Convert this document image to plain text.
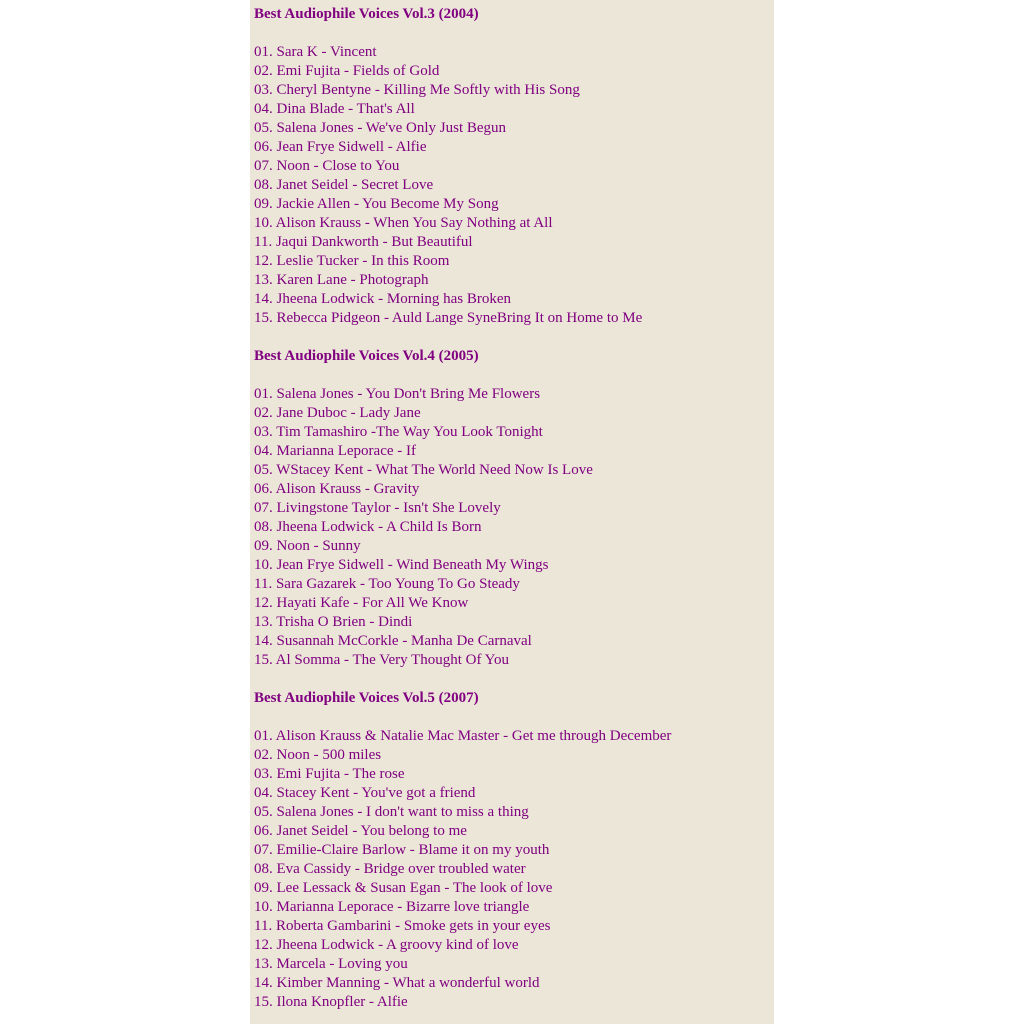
Best Audiophile Voices Vol.3 (2004)
01. Sara K - Vincent
02. Emi Fujita - Fields of Gold
03. Cheryl Bentyne - Killing Me Softly with His Song
04. Dina Blade - That's All
05. Salena Jones - We've Only Just Begun
06. Jean Frye Sidwell - Alfie
07. Noon - Close to You
08. Janet Seidel - Secret Love
09. Jackie Allen - You Become My Song
10. Alison Krauss - When You Say Nothing at All
11. Jaqui Dankworth - But Beautiful
12. Leslie Tucker - In this Room
13. Karen Lane - Photograph
14. Jheena Lodwick - Morning has Broken
15. Rebecca Pidgeon - Auld Lange SyneBring It on Home to Me
Best Audiophile Voices Vol.4 (2005)
01. Salena Jones - You Don't Bring Me Flowers
02. Jane Duboc - Lady Jane
03. Tim Tamashiro -The Way You Look Tonight
04. Marianna Leporace - If
05. WStacey Kent - What The World Need Now Is Love
06. Alison Krauss - Gravity
07. Livingstone Taylor - Isn't She Lovely
08. Jheena Lodwick - A Child Is Born
09. Noon - Sunny
10. Jean Frye Sidwell - Wind Beneath My Wings
11. Sara Gazarek - Too Young To Go Steady
12. Hayati Kafe - For All We Know
13. Trisha O Brien - Dindi
14. Susannah McCorkle - Manha De Carnaval
15. Al Somma - The Very Thought Of You
Best Audiophile Voices Vol.5 (2007)
01. Alison Krauss & Natalie Mac Master - Get me through December
02. Noon - 500 miles
03. Emi Fujita - The rose
04. Stacey Kent - You've got a friend
05. Salena Jones - I don't want to miss a thing
06. Janet Seidel - You belong to me
07. Emilie-Claire Barlow - Blame it on my youth
08. Eva Cassidy - Bridge over troubled water
09. Lee Lessack & Susan Egan - The look of love
10. Marianna Leporace - Bizarre love triangle
11. Roberta Gambarini - Smoke gets in your eyes
12. Jheena Lodwick - A groovy kind of love
13. Marcela - Loving you
14. Kimber Manning - What a wonderful world
15. Ilona Knopfler - Alfie
